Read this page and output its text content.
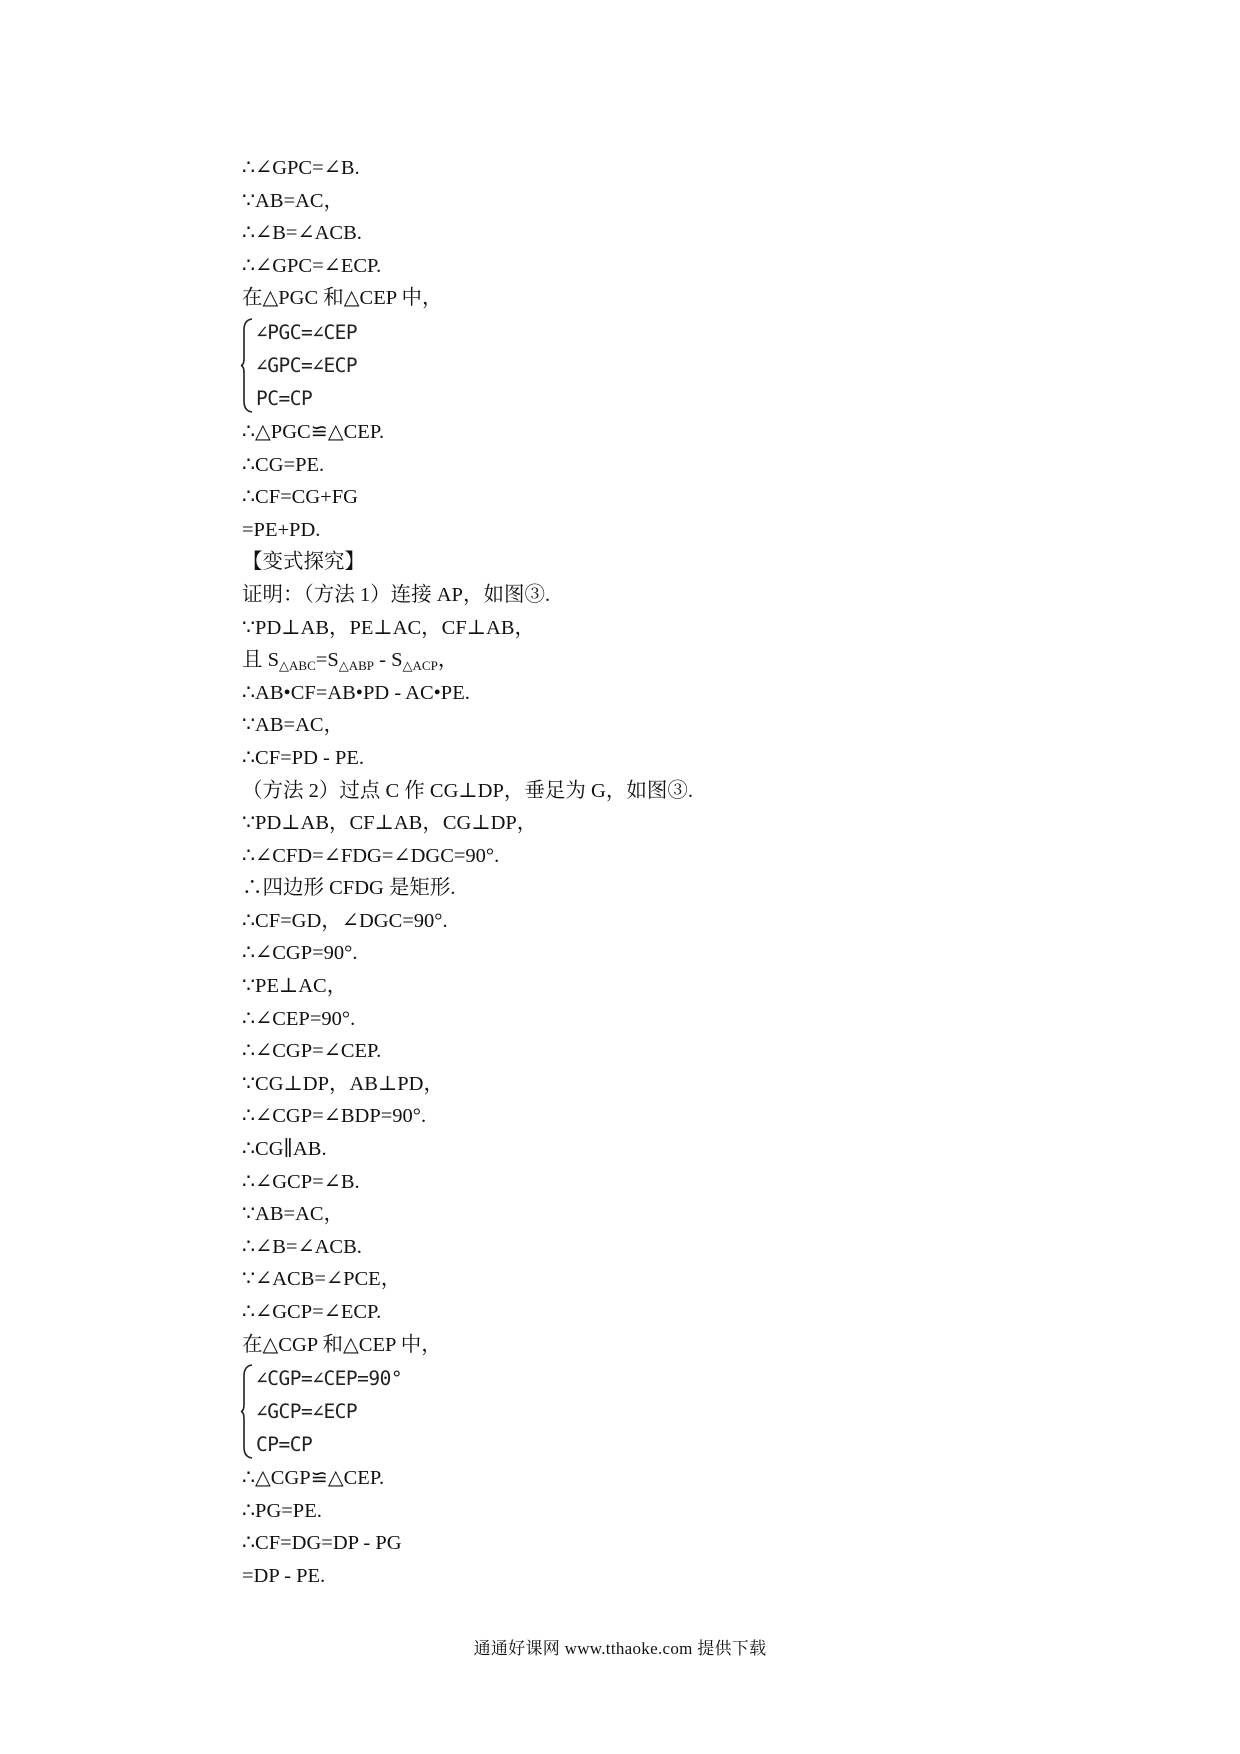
∴∠GPC=∠B.
∵AB=AC，
∴∠B=∠ACB.
∴∠GPC=∠ECP.
在△PGC 和△CEP 中，
∠PGC=∠CEP
∠GPC=∠ECP
PC=CP
∴△PGC≌△CEP.
∴CG=PE.
∴CF=CG+FG
=PE+PD.
【变式探究】
证明：（方法 1）连接 AP，如图③.
∵PD⊥AB，PE⊥AC，CF⊥AB，
且 S△ABC=S△ABP - S△ACP，
∴AB•CF=AB•PD - AC•PE.
∵AB=AC，
∴CF=PD - PE.
（方法 2）过点 C 作 CG⊥DP，垂足为 G，如图③.
∵PD⊥AB，CF⊥AB，CG⊥DP，
∴∠CFD=∠FDG=∠DGC=90°.
∴四边形 CFDG 是矩形.
∴CF=GD，∠DGC=90°.
∴∠CGP=90°.
∵PE⊥AC，
∴∠CEP=90°.
∴∠CGP=∠CEP.
∵CG⊥DP，AB⊥PD，
∴∠CGP=∠BDP=90°.
∴CG∥AB.
∴∠GCP=∠B.
∵AB=AC，
∴∠B=∠ACB.
∵∠ACB=∠PCE，
∴∠GCP=∠ECP.
在△CGP 和△CEP 中，
∠CGP=∠CEP=90°
∠GCP=∠ECP
CP=CP
∴△CGP≌△CEP.
∴PG=PE.
∴CF=DG=DP - PG
=DP - PE.
通通好课网 www.tthaoke.com 提供下载
